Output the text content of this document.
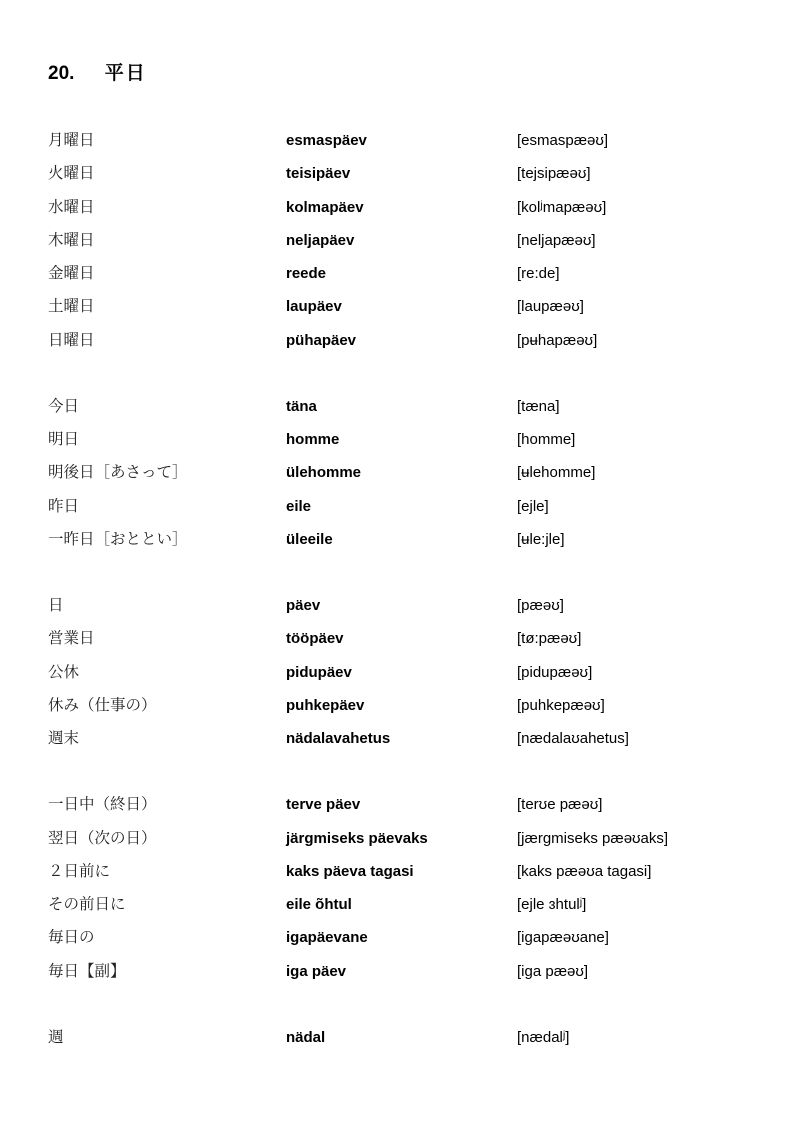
20. 平日
月曜日	esmaspäev	[esmaspæəʊ]
火曜日	teisipäev	[tejsipæəʊ]
水曜日	kolmapäev	[kolʲmapæəʊ]
木曜日	neljapäev	[neljapæəʊ]
金曜日	reede	[re:de]
土曜日	laupäev	[laupæəʊ]
日曜日	pühapäev	[pʉhapæəʊ]
今日	täna	[tæna]
明日	homme	[homme]
明後日［あさって］	ülehomme	[ʉlehomme]
昨日	eile	[ejle]
一昨日［おととい］	üleeile	[ʉle:jle]
日	päev	[pæəʊ]
営業日	tööpäev	[tø:pæəʊ]
公休	pidupäev	[pidupæəʊ]
休み（仕事の）	puhkepäev	[puhkepæəʊ]
週末	nädalavahetus	[nædalaʊahetus]
一日中（終日）	terve päev	[terʊe pæəʊ]
翌日（次の日）	järgmiseks päevaks	[jærgmiseks pæəʊaks]
２日前に	kaks päeva tagasi	[kaks pæəʊa tagasi]
その前日に	eile õhtul	[ejle ɜhtulʲ]
毎日の	igapäevane	[igapæəʊane]
毎日【副】	iga päev	[iga pæəʊ]
週	nädal	[nædalʲ]
